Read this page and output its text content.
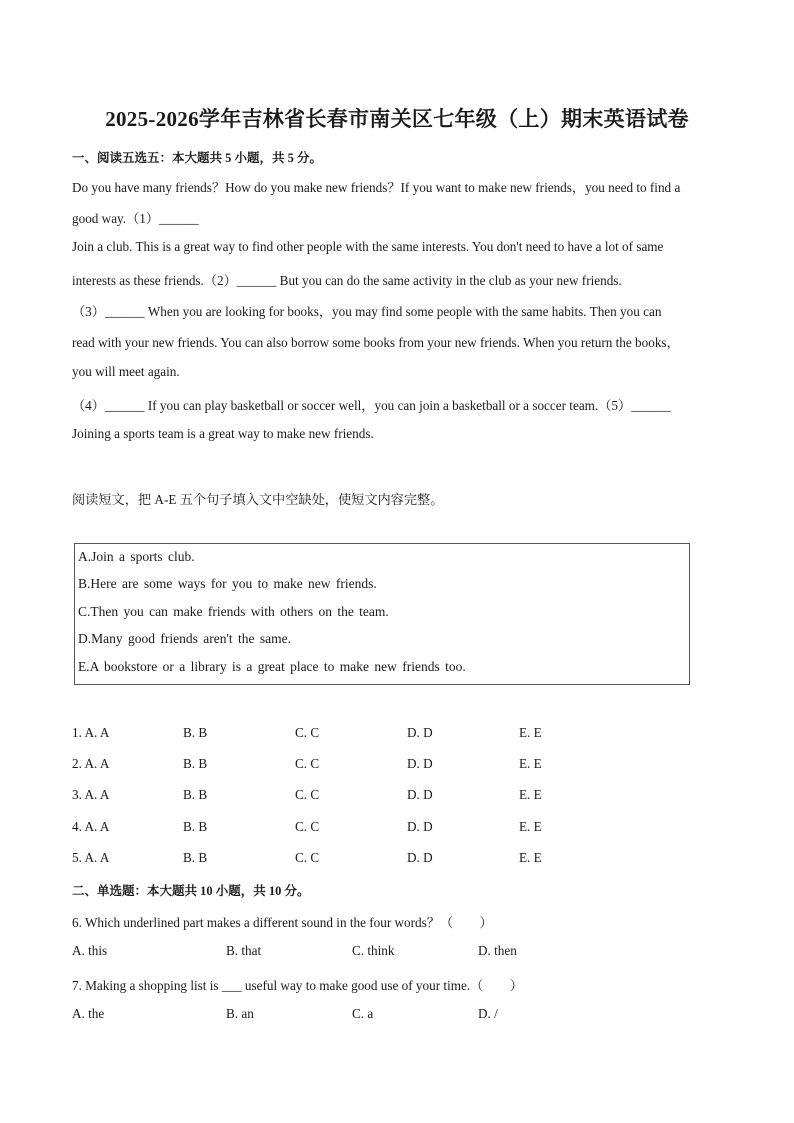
2025-2026学年吉林省长春市南关区七年级（上）期末英语试卷
一、阅读五选五：本大题共 5 小题，共 5 分。
Do you have many friends？How do you make new friends？If you want to make new friends，you need to find a
good way.（1）______
Join a club. This is a great way to find other people with the same interests. You don't need to have a lot of same
interests as these friends.（2）______ But you can do the same activity in the club as your new friends.
（3）______ When you are looking for books，you may find some people with the same habits. Then you can
read with your new friends. You can also borrow some books from your new friends. When you return the books，
you will meet again.
（4）______ If you can play basketball or soccer well，you can join a basketball or a soccer team.（5）______
Joining a sports team is a great way to make new friends.
阅读短文，把 A-E 五个句子填入文中空缺处，使短文内容完整。
A.Join a sports club.
B.Here are some ways for you to make new friends.
C.Then you can make friends with others on the team.
D.Many good friends aren't the same.
E.A bookstore or a library is a great place to make new friends too.
1. A. A	B. B	C. C	D. D	E. E
2. A. A	B. B	C. C	D. D	E. E
3. A. A	B. B	C. C	D. D	E. E
4. A. A	B. B	C. C	D. D	E. E
5. A. A	B. B	C. C	D. D	E. E
二、单选题：本大题共 10 小题，共 10 分。
6. Which underlined part makes a different sound in the four words？（　　）
A. this	B. that	C. think	D. then
7. Making a shopping list is ___ useful way to make good use of your time.（　　）
A. the	B. an	C. a	D. /
